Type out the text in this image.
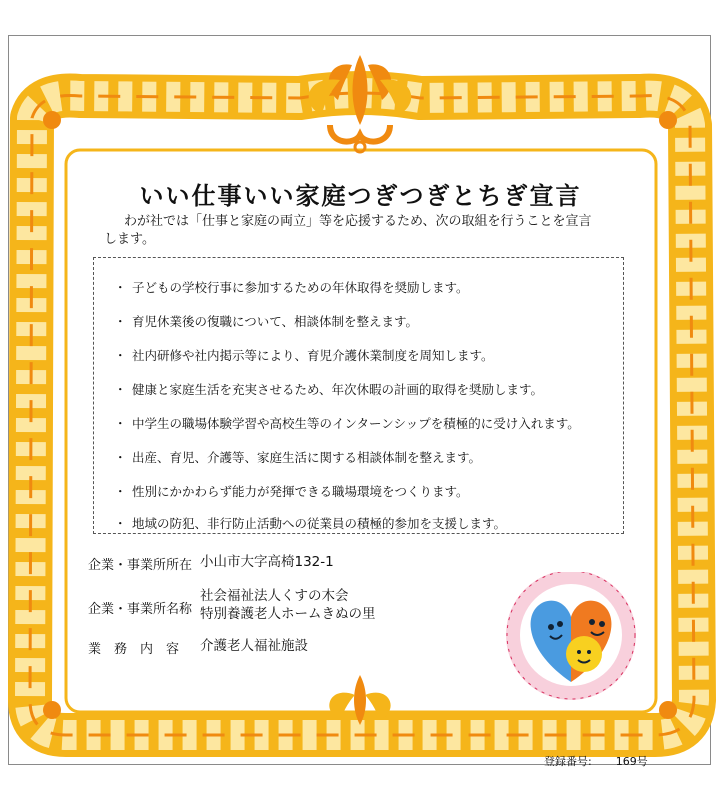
いい仕事いい家庭つぎつぎとちぎ宣言
わが社では「仕事と家庭の両立」等を応援するため、次の取組を行うことを宣言します。
・ 子どもの学校行事に参加するための年休取得を奨励します。
・ 育児休業後の復職について、相談体制を整えます。
・ 社内研修や社内掲示等により、育児介護休業制度を周知します。
・ 健康と家庭生活を充実させるため、年次休暇の計画的取得を奨励します。
・ 中学生の職場体験学習や高校生等のインターンシップを積極的に受け入れます。
・ 出産、育児、介護等、家庭生活に関する相談体制を整えます。
・ 性別にかかわらず能力が発揮できる職場環境をつくります。
・ 地域の防犯、非行防止活動への従業員の積極的参加を支援します。
企業・事業所所在 小山市大字高椅132-1
企業・事業所名称
社会福祉法人くすの木会
特別養護老人ホームきぬの里
業　務　内　容	介護老人福祉施設
登録番号: 169号
